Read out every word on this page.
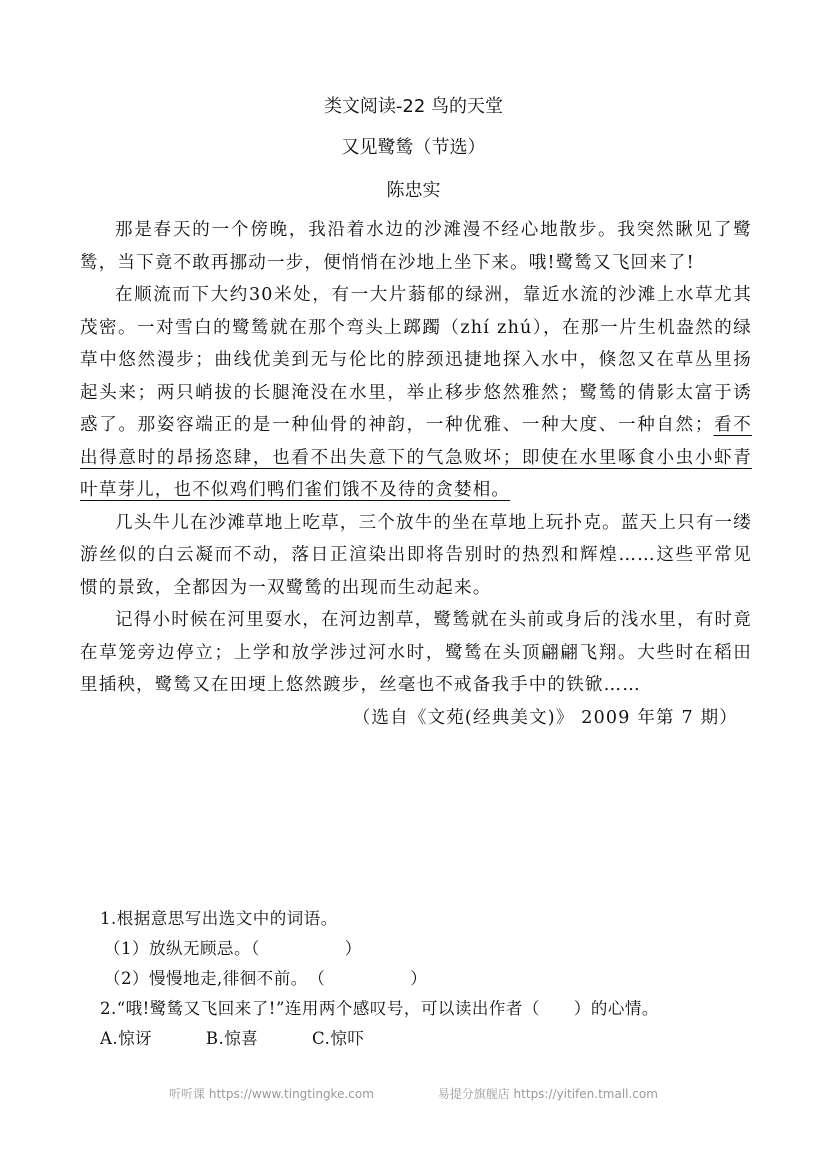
类文阅读-22 鸟的天堂
又见鹭鸶（节选）
陈忠实

那是春天的一个傍晚，我沿着水边的沙滩漫不经心地散步。我突然瞅见了鹭鸶，当下竟不敢再挪动一步，便悄悄在沙地上坐下来。哦!鹭鸶又飞回来了!

在顺流而下大约30米处，有一大片蓊郁的绿洲，靠近水流的沙滩上水草尤其茂密。一对雪白的鹭鸶就在那个弯头上踯躅（zhí zhú），在那一片生机盎然的绿草中悠然漫步；曲线优美到无与伦比的脖颈迅捷地探入水中，倏忽又在草丛里扬起头来；两只峭拔的长腿淹没在水里，举止移步悠然雅然；鹭鸶的倩影太富于诱惑了。那姿容端正的是一种仙骨的神韵，一种优雅、一种大度、一种自然；看不出得意时的昂扬恣肆，也看不出失意下的气急败坏；即使在水里啄食小虫小虾青叶草芽儿，也不似鸡们鸭们雀们饿不及待的贪婪相。

几头牛儿在沙滩草地上吃草，三个放牛的坐在草地上玩扑克。蓝天上只有一缕游丝似的白云凝而不动，落日正渲染出即将告别时的热烈和辉煌……这些平常见惯的景致，全都因为一双鹭鸶的出现而生动起来。

记得小时候在河里耍水，在河边割草，鹭鸶就在头前或身后的浅水里，有时竟在草笼旁边停立；上学和放学涉过河水时，鹭鸶在头顶翩翩飞翔。大些时在稻田里插秧，鹭鸶又在田埂上悠然踱步，丝毫也不戒备我手中的铁锨……

（选自《文苑(经典美文)》 2009 年第 7 期）

1.根据意思写出选文中的词语。

（1）放纵无顾忌。（　　　　　）

（2）慢慢地走,徘徊不前。　（　　　　　）

2.“哦!鹭鸶又飞回来了!”连用两个感叹号，可以读出作者（　　）的心情。

A.惊讶	B.惊喜	C.惊吓

听听课 https://www.tingtingke.com	易提分旗舰店 https://yitifen.tmall.com
